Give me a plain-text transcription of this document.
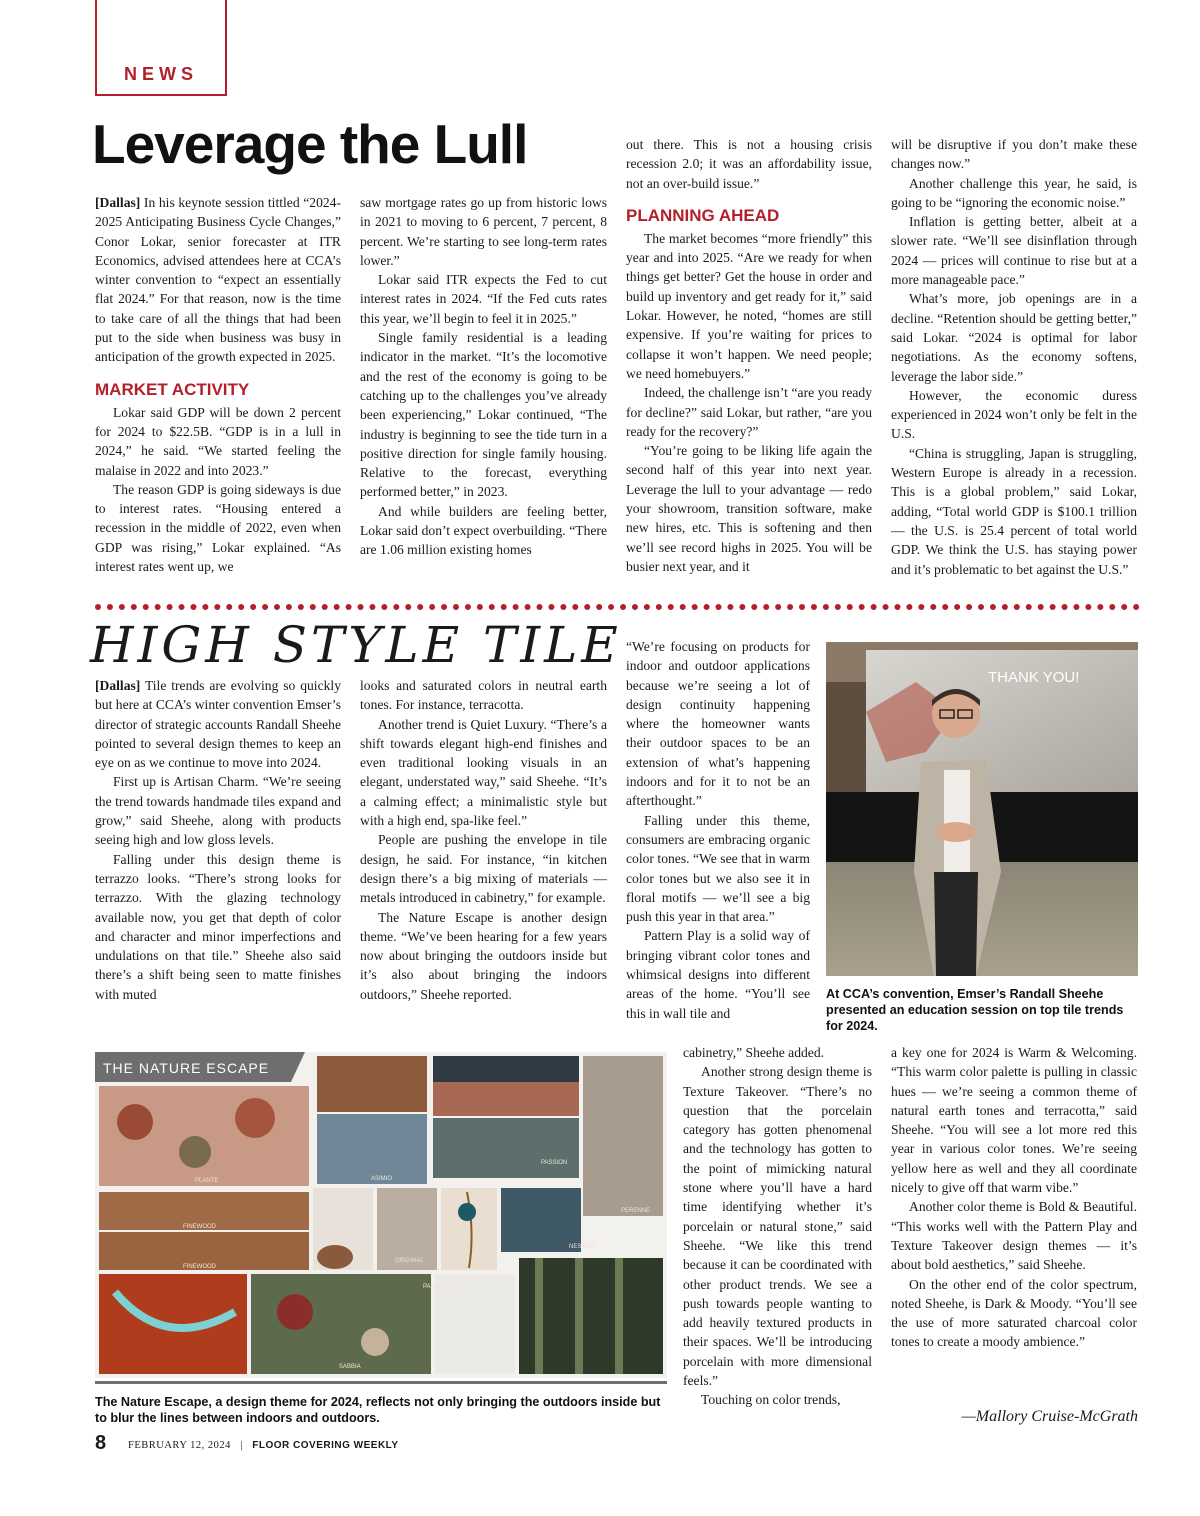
NEWS
Leverage the Lull

[Dallas] In his keynote session tittled “2024-2025 Anticipating Business Cycle Changes,” Conor Lokar, senior forecaster at ITR Economics, advised attendees here at CCA’s winter convention to “expect an essentially flat 2024.” For that reason, now is the time to take care of all the things that had been put to the side when business was busy in anticipation of the growth expected in 2025.

MARKET ACTIVITY

Lokar said GDP will be down 2 percent for 2024 to $22.5B. “GDP is in a lull in 2024,” he said. “We started feeling the malaise in 2022 and into 2023.”

The reason GDP is going sideways is due to interest rates. “Housing entered a recession in the middle of 2022, even when GDP was rising,” Lokar explained. “As interest rates went up, we

saw mortgage rates go up from historic lows in 2021 to moving to 6 percent, 7 percent, 8 percent. We’re starting to see long-term rates lower.”

Lokar said ITR expects the Fed to cut interest rates in 2024. “If the Fed cuts rates this year, we’ll begin to feel it in 2025.”

Single family residential is a leading indicator in the market. “It’s the locomotive and the rest of the economy is going to be catching up to the challenges you’ve already been experiencing,” Lokar continued, “The industry is beginning to see the tide turn in a positive direction for single family housing. Relative to the forecast, everything performed better,” in 2023.

And while builders are feeling better, Lokar said don’t expect overbuilding. “There are 1.06 million existing homes

out there. This is not a housing crisis recession 2.0; it was an affordability issue, not an over-build issue.”

PLANNING AHEAD

The market becomes “more friendly” this year and into 2025. “Are we ready for when things get better? Get the house in order and build up inventory and get ready for it,” said Lokar. However, he noted, “homes are still expensive. If you’re waiting for prices to collapse it won’t happen. We need people; we need homebuyers.”

Indeed, the challenge isn’t “are you ready for decline?” said Lokar, but rather, “are you ready for the recovery?”

“You’re going to be liking life again the second half of this year into next year. Leverage the lull to your advantage — redo your showroom, transition software, make new hires, etc. This is softening and then we’ll see record highs in 2025. You will be busier next year, and it

will be disruptive if you don’t make these changes now.”

Another challenge this year, he said, is going to be “ignoring the economic noise.”

Inflation is getting better, albeit at a slower rate. “We’ll see disinflation through 2024 — prices will continue to rise but at a more manageable pace.”

What’s more, job openings are in a decline. “Retention should be getting better,” said Lokar. “2024 is optimal for labor negotiations. As the economy softens, leverage the labor side.”

However, the economic duress experienced in 2024 won’t only be felt in the U.S.

“China is struggling, Japan is struggling, Western Europe is already in a recession. This is a global problem,” said Lokar, adding, “Total world GDP is $100.1 trillion — the U.S. is 25.4 percent of total world GDP. We think the U.S. has staying power and it’s problematic to bet against the U.S.”

HIGH STYLE TILE

[Dallas] Tile trends are evolving so quickly but here at CCA’s winter convention Emser’s director of strategic accounts Randall Sheehe pointed to several design themes to keep an eye on as we continue to move into 2024.

First up is Artisan Charm. “We’re seeing the trend towards handmade tiles expand and grow,” said Sheehe, along with products seeing high and low gloss levels.

Falling under this design theme is terrazzo looks. “There’s strong looks for terrazzo. With the glazing technology available now, you get that depth of color and character and minor imperfections and undulations on that tile.” Sheehe also said there’s a shift being seen to matte finishes with muted

looks and saturated colors in neutral earth tones. For instance, terracotta.

Another trend is Quiet Luxury. “There’s a shift towards elegant high-end finishes and even traditional looking visuals in an elegant, understated way,” said Sheehe. “It’s a calming effect; a minimalistic style but with a high end, spa-like feel.”

People are pushing the envelope in tile design, he said. For instance, “in kitchen design there’s a big mixing of materials — metals introduced in cabinetry,” for example.

The Nature Escape is another design theme. “We’ve been hearing for a few years now about bringing the outdoors inside but it’s also about bringing the indoors outdoors,” Sheehe reported.

“We’re focusing on products for indoor and outdoor applications because we’re seeing a lot of design continuity happening where the homeowner wants their outdoor spaces to be an extension of what’s happening indoors and for it to not be an afterthought.”

Falling under this theme, consumers are embracing organic color tones. “We see that in warm color tones but we also see it in floral motifs — we’ll see a big push this year in that area.”

Pattern Play is a solid way of bringing vibrant color tones and whimsical designs into different areas of the home. “You’ll see this in wall tile and

cabinetry,” Sheehe added.

Another strong design theme is Texture Takeover. “There’s no question that the porcelain category has gotten phenomenal and the technology has gotten to the point of mimicking natural stone where you’ll have a hard time identifying whether it’s porcelain or natural stone,” said Sheehe. “We like this trend because it can be coordinated with other product trends. We see a push towards people wanting to add heavily textured products in their spaces. We’ll be introducing porcelain with more dimensional feels.”

Touching on color trends,

a key one for 2024 is Warm & Welcoming. “This warm color palette is pulling in classic hues — we’re seeing a common theme of natural earth tones and terracotta,” said Sheehe. “You will see a lot more red this year in various color tones. We’re seeing yellow here as well and they all coordinate nicely to give off that warm vibe.”

Another color theme is Bold & Beautiful. “This works well with the Pattern Play and Texture Takeover design themes — it’s about bold aesthetics,” said Sheehe.

On the other end of the color spectrum, noted Sheehe, is Dark & Moody. “You’ll see the use of more saturated charcoal color tones to create a moody ambience.”

THANK YOU!
At CCA’s convention, Emser’s Randall Sheehe presented an education session on top tile trends for 2024.
THE NATURE ESCAPE
FINEWOOD
FINEWOOD
PLANTE	ASIMIO
PASSION
PERENNE
ORIGINAL
NESTRO
PASSIONE
SABBIA
The Nature Escape, a design theme for 2024, reflects not only bringing the outdoors inside but to blur the lines between indoors and outdoors.	—Mallory Cruise-McGrath
8 FEBRUARY 12, 2024 | FLOOR COVERING WEEKLY
